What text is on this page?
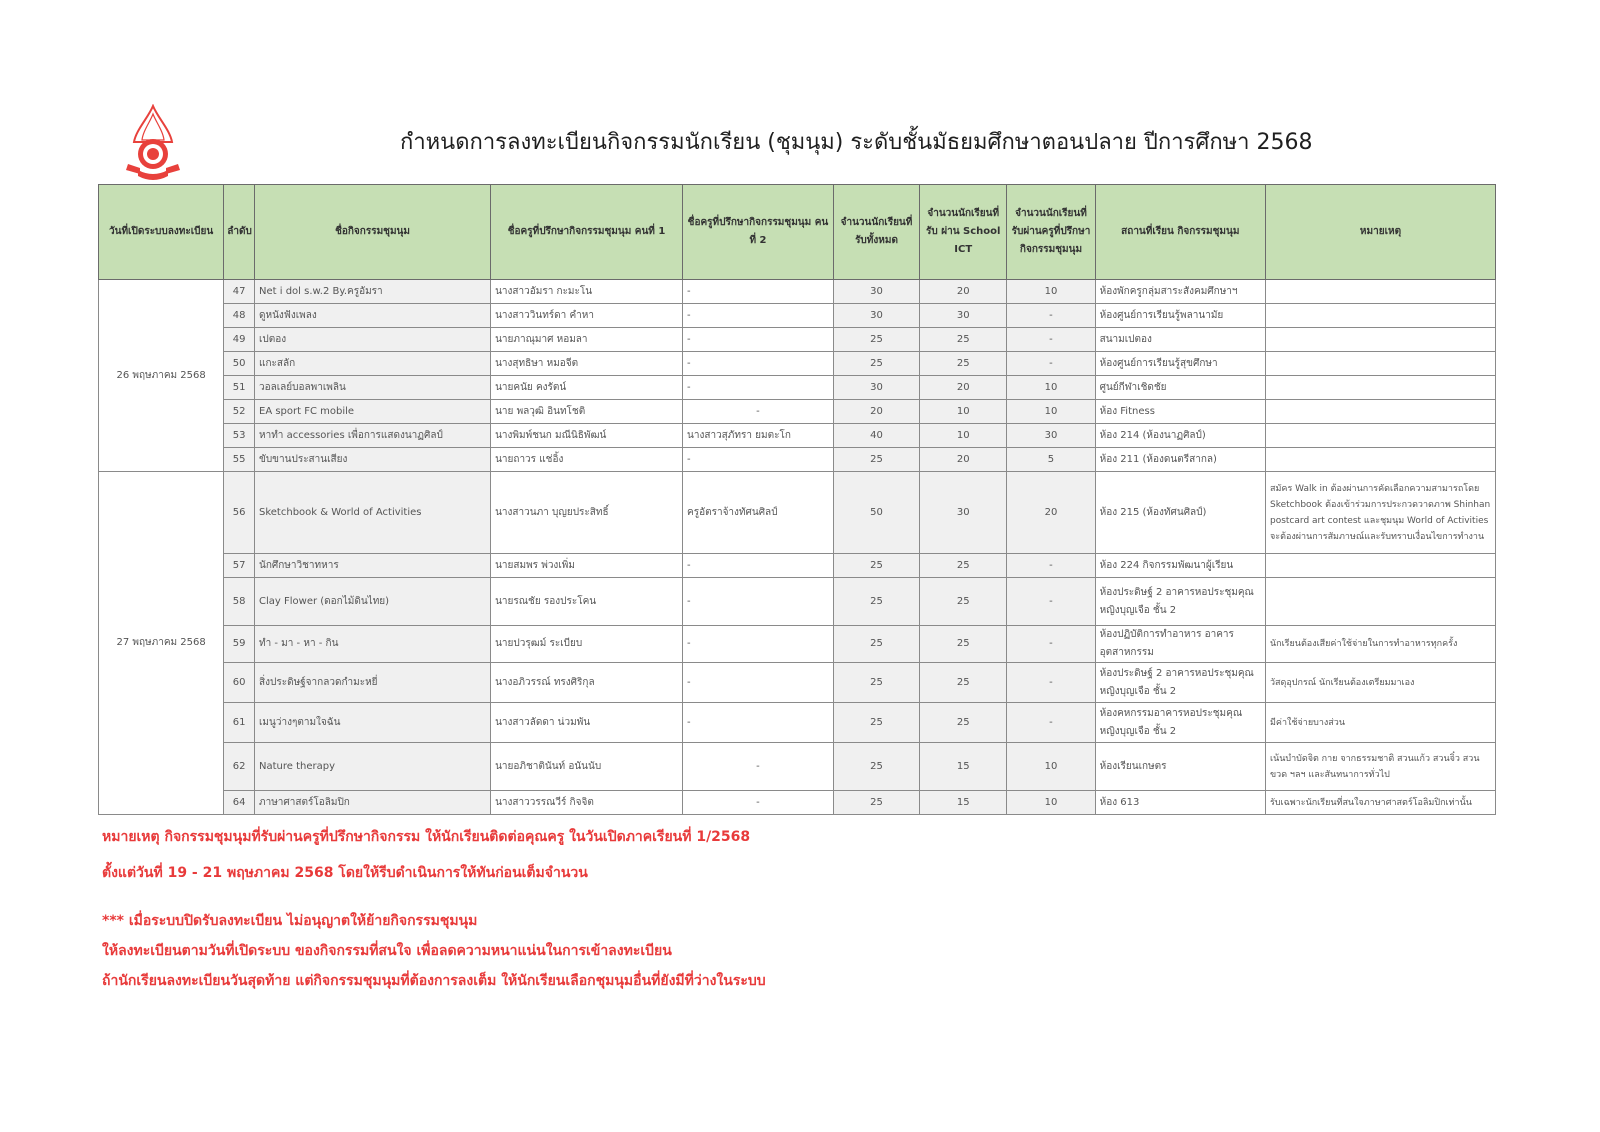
กำหนดการลงทะเบียนกิจกรรมนักเรียน (ชุมนุม) ระดับชั้นมัธยมศึกษาตอนปลาย ปีการศึกษา 2568
วันที่เปิดระบบลงทะเบียน	ลำดับ	ชื่อกิจกรรมชุมนุม	ชื่อครูที่ปรึกษากิจกรรมชุมนุม คนที่ 1	ชื่อครูที่ปรึกษากิจกรรมชุมนุม คนที่ 2	จำนวนนักเรียนที่รับทั้งหมด	จำนวนนักเรียนที่รับ ผ่าน School ICT	จำนวนนักเรียนที่รับผ่านครูที่ปรึกษากิจกรรมชุมนุม	สถานที่เรียน กิจกรรมชุมนุม	หมายเหตุ
26 พฤษภาคม 2568	47	Net i dol s.w.2 By.ครูอัมรา	นางสาวอัมรา กะมะโน	-	30	20	10	ห้องพักครูกลุ่มสาระสังคมศึกษาฯ	
	48	ดูหนังฟังเพลง	นางสาววินทร์ดา คำหา	-	30	30	-	ห้องศูนย์การเรียนรู้พลานามัย	
	49	เปตอง	นายภาณุมาศ หอมลา	-	25	25	-	สนามเปตอง	
	50	แกะสลัก	นางสุทธิษา หมอจีต	-	25	25	-	ห้องศูนย์การเรียนรู้สุขศึกษา	
	51	วอลเลย์บอลพาเพลิน	นายคนัย คงรัตน์	-	30	20	10	ศูนย์กีฬาเชิดชัย	
	52	EA sport FC mobile	นาย พลวุฒิ อินทโชติ	-	20	10	10	ห้อง Fitness	
	53	หาทำ accessories เพื่อการแสดงนาฏศิลป์	นางพิมพ์ชนก มณีนิธิพัฒน์	นางสาวสุภัทรา ยมตะโก	40	10	30	ห้อง 214 (ห้องนาฏศิลป์)	
	55	ขับขานประสานเสียง	นายถาวร แช่อิ้ง	-	25	20	5	ห้อง 211 (ห้องดนตรีสากล)	
27 พฤษภาคม 2568	56	Sketchbook & World of Activities	นางสาวนภา บุญยประสิทธิ์	ครูอัตราจ้างทัศนศิลป์	50	30	20	ห้อง 215 (ห้องทัศนศิลป์)	สมัคร Walk in ต้องผ่านการคัดเลือกความสามารถโดย Sketchbook ต้องเข้าร่วมการประกวดวาดภาพ Shinhan postcard art contest และชุมนุม World of Activities จะต้องผ่านการสัมภาษณ์และรับทราบเงื่อนไขการทำงาน
	57	นักศึกษาวิชาทหาร	นายสมพร พ่วงเพิ่ม	-	25	25	-	ห้อง 224 กิจกรรมพัฒนาผู้เรียน	
	58	Clay Flower (ดอกไม้ดินไทย)	นายรณชัย รองประโคน	-	25	25	-	ห้องประดิษฐ์ 2 อาคารหอประชุมคุณหญิงบุญเจือ ชั้น 2	
	59	ทำ - มา - หา - กิน	นายปวรุฒม์ ระเบียบ	-	25	25	-	ห้องปฏิบัติการทำอาหาร อาคารอุตสาหกรรม	นักเรียนต้องเสียค่าใช้จ่ายในการทำอาหารทุกครั้ง
	60	สิ่งประดิษฐ์จากลวดกำมะหยี่	นางอภิวรรณ์ ทรงศิริกุล	-	25	25	-	ห้องประดิษฐ์ 2 อาคารหอประชุมคุณหญิงบุญเจือ ชั้น 2	วัสดุอุปกรณ์ นักเรียนต้องเตรียมมาเอง
	61	เมนูว่างๆตามใจฉัน	นางสาวลัดดา น่วมพัน	-	25	25	-	ห้องคหกรรมอาคารหอประชุมคุณหญิงบุญเจือ ชั้น 2	มีค่าใช้จ่ายบางส่วน
	62	Nature therapy	นายอภิชาตินันท์ อนันนับ	-	25	15	10	ห้องเรียนเกษตร	เน้นบำบัดจิต กาย จากธรรมชาติ สวนแก้ว สวนจิ๋ว สวนขวด ฯลฯ และสันทนาการทั่วไป
	64	ภาษาศาสตร์โอลิมปิก	นางสาววรรณวีร์ กิจจิต	-	25	15	10	ห้อง 613	รับเฉพาะนักเรียนที่สนใจภาษาศาสตร์โอลิมปิกเท่านั้น
หมายเหตุ กิจกรรมชุมนุมที่รับผ่านครูที่ปรึกษากิจกรรม ให้นักเรียนติดต่อคุณครู ในวันเปิดภาคเรียนที่ 1/2568
ตั้งแต่วันที่ 19 - 21 พฤษภาคม 2568 โดยให้รีบดำเนินการให้ทันก่อนเต็มจำนวน
*** เมื่อระบบปิดรับลงทะเบียน ไม่อนุญาตให้ย้ายกิจกรรมชุมนุม
ให้ลงทะเบียนตามวันที่เปิดระบบ ของกิจกรรมที่สนใจ เพื่อลดความหนาแน่นในการเข้าลงทะเบียน
ถ้านักเรียนลงทะเบียนวันสุดท้าย แต่กิจกรรมชุมนุมที่ต้องการลงเต็ม ให้นักเรียนเลือกชุมนุมอื่นที่ยังมีที่ว่างในระบบ
